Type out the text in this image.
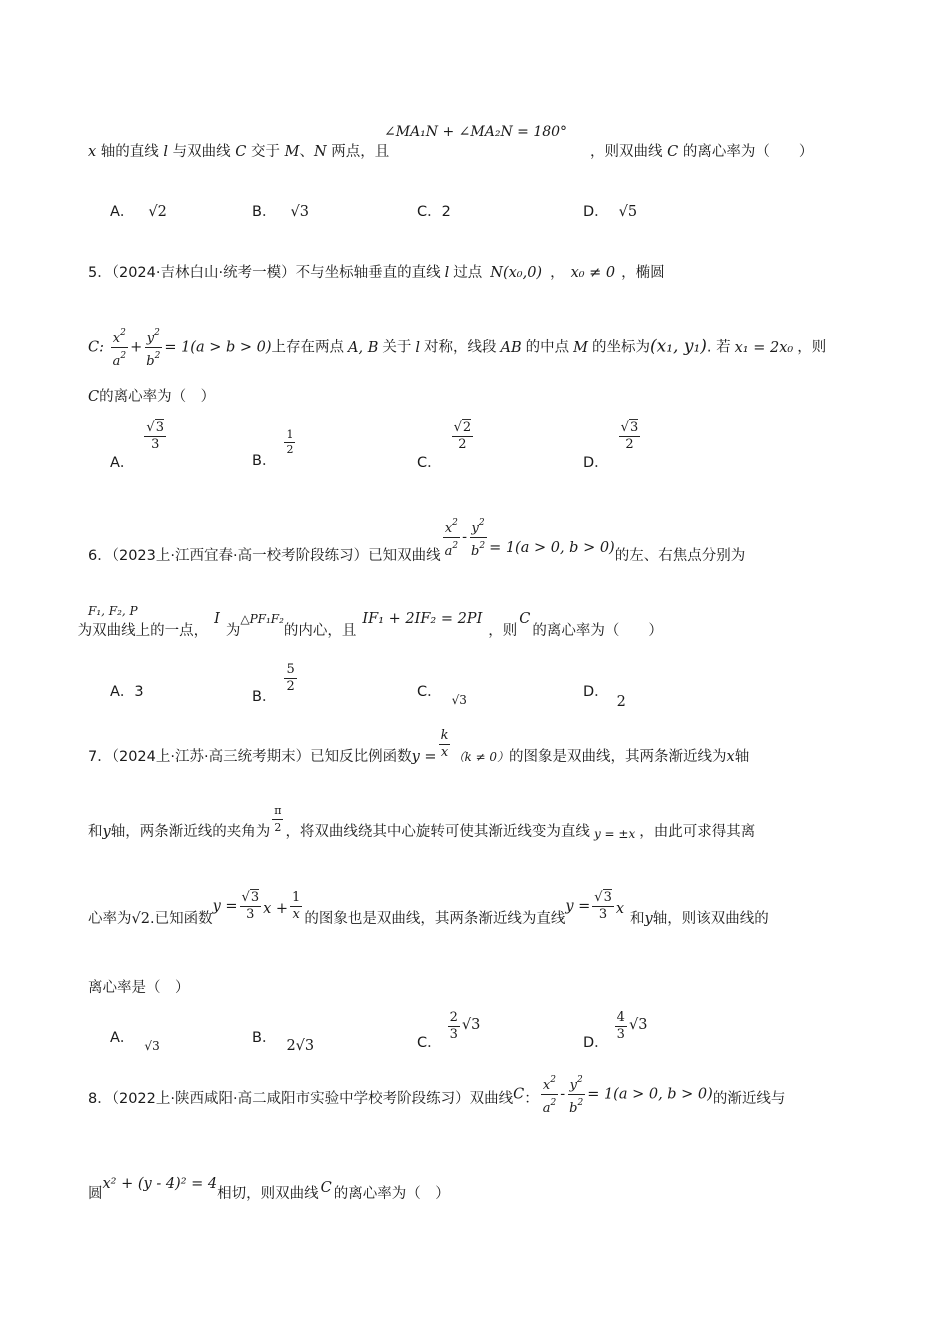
x 轴的直线 l 与双曲线 C 交于 M、N 两点，且
∠MA₁N + ∠MA₂N = 180°
，则双曲线 C 的离心率为（　　）
A． √2	B． √3	C．2	D． √5
5．（2024·吉林白山·统考一模）不与坐标轴垂直的直线 l 过点 N(x₀,0) ， x₀ ≠ 0 ，椭圆
C: $\frac{x^2}{a^2} + \frac{y^2}{b^2} = 1(a > b > 0)$上存在两点 A, B 关于 l 对称，线段 AB 的中点 M 的坐标为(x₁, y₁). 若 x₁ = 2x₀ ，则
C的离心率为（　）
A．
$\frac{√3}{3}$
B．
$\frac{1}{2}$
C．
$\frac{√2}{2}$
D．
$\frac{√3}{2}$
6．（2023上·江西宜春·高一校考阶段练习）已知双曲线 $\frac{x^2}{a^2} - \frac{y^2}{b^2} = 1(a > 0$, b > 0)的左、右焦点分别为
$^{F_1, F_2, P}$为双曲线上的一点，I为△PF₁F₂的内心，且IF₁ + 2IF₂ = 2PI，则C的离心率为（　　）
A．3	B．
$\frac{5}{2}$	C． $_{√3}$	D．2
7．（2024上·江苏·高三统考期末）已知反比例函数$y = \frac{k}{x} _{(k \ne 0)}$的图象是双曲线，其两条渐近线为x轴
和y轴，两条渐近线的夹角为 $\frac{\pi}{2}$ ，将双曲线绕其中心旋转可使其渐近线变为直线 $_{y = \pm x}$ ，由此可求得其离
心率为√2.已知函数$y = \frac{√3}{3}$ $x + \frac{1}{x}$ 的图象也是双曲线，其两条渐近线为直线$y = \frac{√3}{3}$ x和y轴，则该双曲线的
离心率是（　）
A． $_{√3}$	B． 2√3	C． $\frac{2}{3} √3$
D． $\frac{4}{3} √3$
8．（2022上·陕西咸阳·高二咸阳市实验中学校考阶段练习）双曲线C： $\frac{x^2}{a^2} - \frac{y^2}{b^2} = 1(a > 0$, b > 0)的渐近线与
圆x² + (y - 4)² = 4相切，则双曲线 C 的离心率为（　）
